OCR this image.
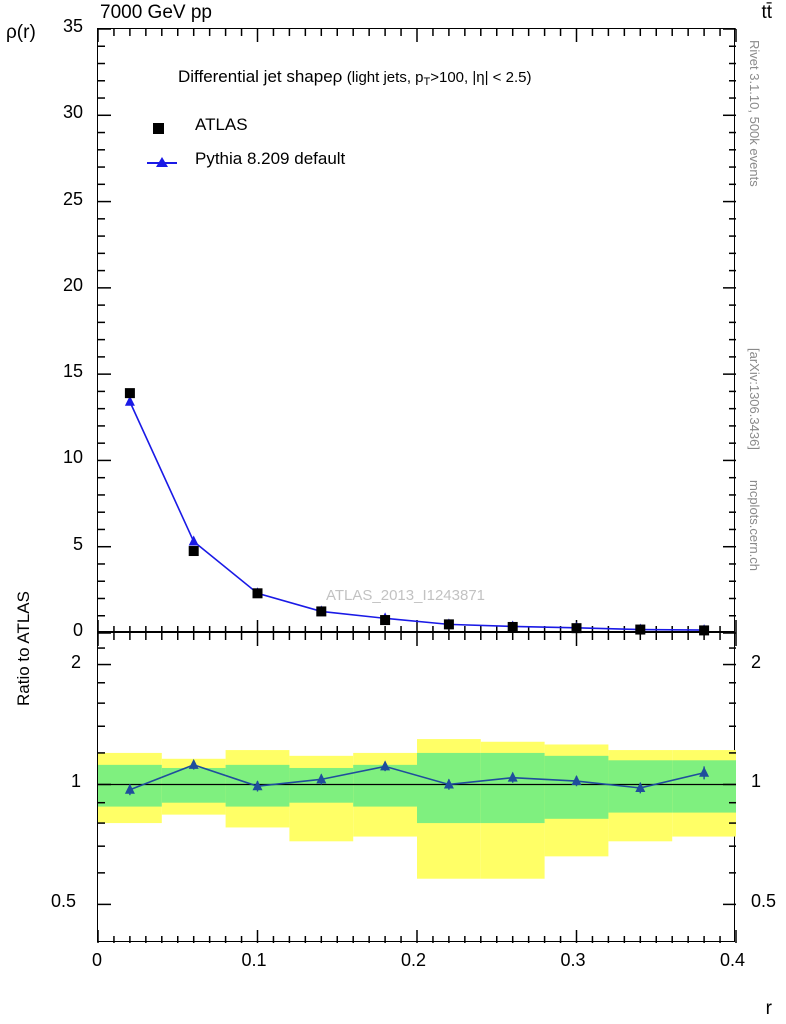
7000 GeV pp	tt̄
ρ(r)
r
Rivet 3.1.10, 500k events
[arXiv:1306.3436]
mcplots.cern.ch
Differential jet shapeρ (light jets, pT>100, |η| < 2.5)
ATLAS
Pythia 8.209 default
ATLAS_2013_I1243871
0
5
10
15
20
25
30
35
Ratio to ATLAS
0.5
1
2
0.5
1
2
0	0.1	0.2	0.3	0.4
